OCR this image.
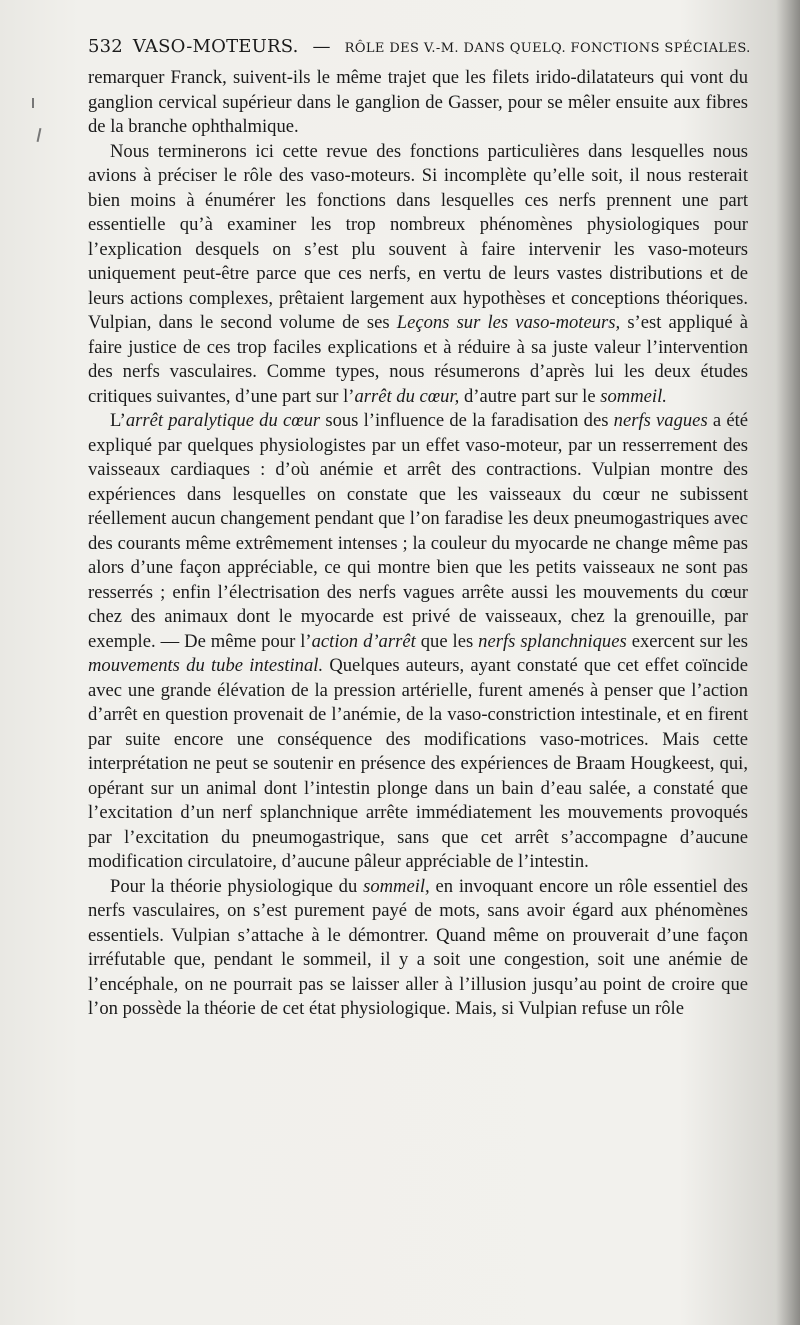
532 VASO-MOTEURS. — RÔLE DES V.-M. DANS QUELQ. FONCTIONS SPÉCIALES.

remarquer Franck, suivent-ils le même trajet que les filets irido-dilatateurs qui vont du ganglion cervical supérieur dans le ganglion de Gasser, pour se mêler ensuite aux fibres de la branche ophthalmique.

Nous terminerons ici cette revue des fonctions particulières dans lesquelles nous avions à préciser le rôle des vaso-moteurs. Si incomplète qu’elle soit, il nous resterait bien moins à énumérer les fonctions dans lesquelles ces nerfs prennent une part essentielle qu’à examiner les trop nombreux phénomènes physiologiques pour l’explication desquels on s’est plu souvent à faire intervenir les vaso-moteurs uniquement peut-être parce que ces nerfs, en vertu de leurs vastes distributions et de leurs actions complexes, prêtaient largement aux hypothèses et conceptions théoriques. Vulpian, dans le second volume de ses Leçons sur les vaso-moteurs, s’est appliqué à faire justice de ces trop faciles explications et à réduire à sa juste valeur l’intervention des nerfs vasculaires. Comme types, nous résumerons d’après lui les deux études critiques suivantes, d’une part sur l’arrêt du cœur, d’autre part sur le sommeil.

L’arrêt paralytique du cœur sous l’influence de la faradisation des nerfs vagues a été expliqué par quelques physiologistes par un effet vaso-moteur, par un resserrement des vaisseaux cardiaques : d’où anémie et arrêt des contractions. Vulpian montre des expériences dans lesquelles on constate que les vaisseaux du cœur ne subissent réellement aucun changement pendant que l’on faradise les deux pneumogastriques avec des courants même extrêmement intenses ; la couleur du myocarde ne change même pas alors d’une façon appréciable, ce qui montre bien que les petits vaisseaux ne sont pas resserrés ; enfin l’électrisation des nerfs vagues arrête aussi les mouvements du cœur chez des animaux dont le myocarde est privé de vaisseaux, chez la grenouille, par exemple. — De même pour l’action d’arrêt que les nerfs splanchniques exercent sur les mouvements du tube intestinal. Quelques auteurs, ayant constaté que cet effet coïncide avec une grande élévation de la pression artérielle, furent amenés à penser que l’action d’arrêt en question provenait de l’anémie, de la vaso-constriction intestinale, et en firent par suite encore une conséquence des modifications vaso-motrices. Mais cette interprétation ne peut se soutenir en présence des expériences de Braam Hougkeest, qui, opérant sur un animal dont l’intestin plonge dans un bain d’eau salée, a constaté que l’excitation d’un nerf splanchnique arrête immédiatement les mouvements provoqués par l’excitation du pneumogastrique, sans que cet arrêt s’accompagne d’aucune modification circulatoire, d’aucune pâleur appréciable de l’intestin.

Pour la théorie physiologique du sommeil, en invoquant encore un rôle essentiel des nerfs vasculaires, on s’est purement payé de mots, sans avoir égard aux phénomènes essentiels. Vulpian s’attache à le démontrer. Quand même on prouverait d’une façon irréfutable que, pendant le sommeil, il y a soit une congestion, soit une anémie de l’encéphale, on ne pourrait pas se laisser aller à l’illusion jusqu’au point de croire que l’on possède la théorie de cet état physiologique. Mais, si Vulpian refuse un rôle
